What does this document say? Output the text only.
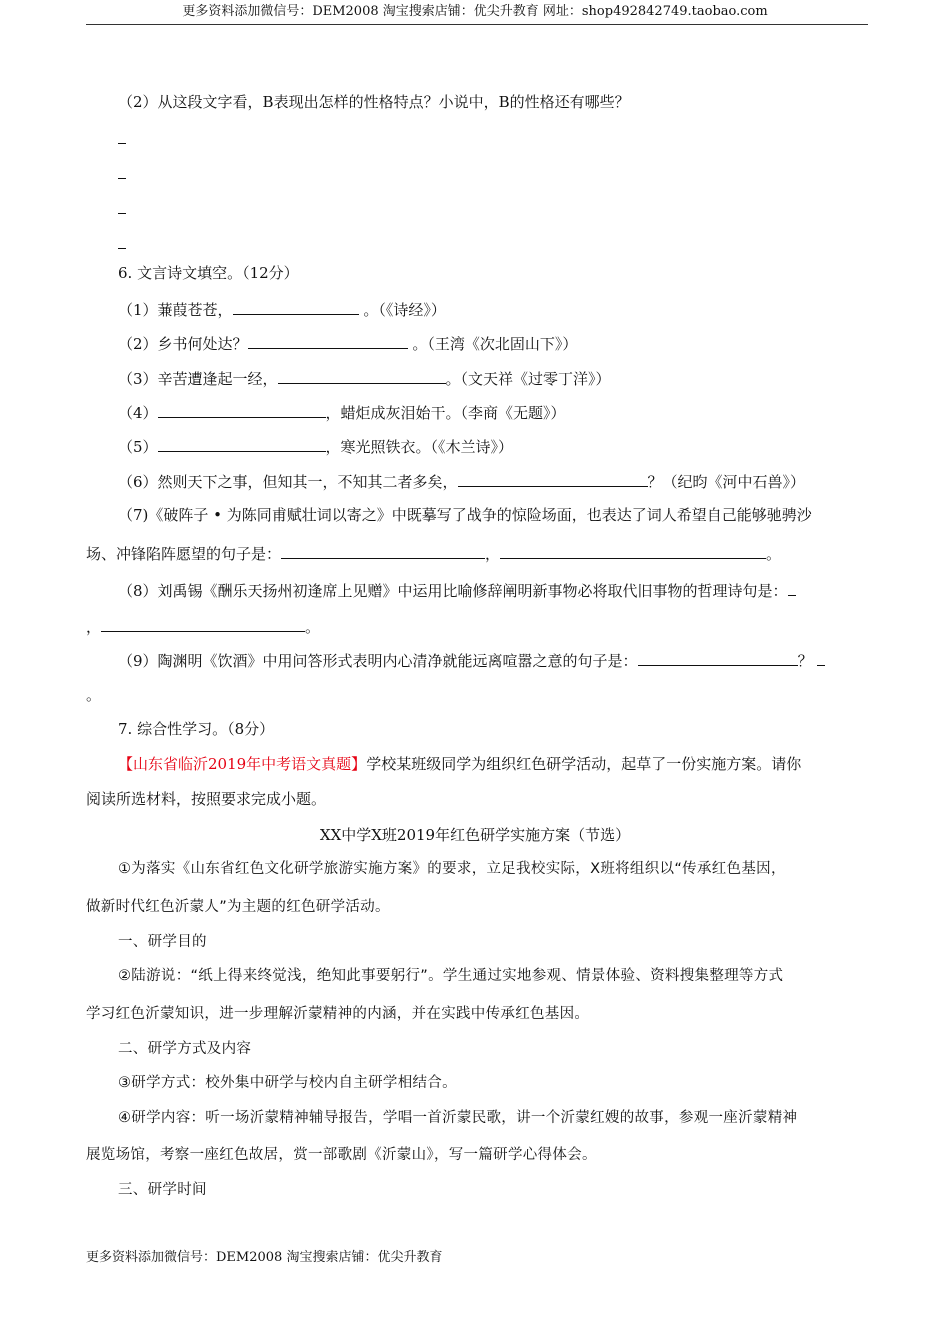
更多资料添加微信号：DEM2008 淘宝搜索店铺：优尖升教育 网址：shop492842749.taobao.com
（2）从这段文字看，B表现出怎样的性格特点？小说中，B的性格还有哪些？
6. 文言诗文填空。（12分）
（1）蒹葭苍苍，	。（《诗经》）
（2）乡书何处达？	。（王湾《次北固山下》）
（3）辛苦遭逢起一经，	。（文天祥《过零丁洋》）
（4）	，蜡炬成灰泪始干。（李商《无题》）
（5）	，寒光照铁衣。（《木兰诗》）
（6）然则天下之事，但知其一，不知其二者多矣，	？（纪昀《河中石兽》）
（7)《破阵子 • 为陈同甫赋壮词以寄之》中既摹写了战争的惊险场面，也表达了词人希望自己能够驰骋沙
场、冲锋陷阵愿望的句子是：	，	。
（8）刘禹锡《酬乐天扬州初逢席上见赠》中运用比喻修辞阐明新事物必将取代旧事物的哲理诗句是：
，	。
（9）陶渊明《饮酒》中用问答形式表明内心清净就能远离喧嚣之意的句子是：	？
。
7. 综合性学习。（8分）
【山东省临沂2019年中考语文真题】学校某班级同学为组织红色研学活动，起草了一份实施方案。请你
阅读所选材料，按照要求完成小题。
XX中学X班2019年红色研学实施方案（节选）
①为落实《山东省红色文化研学旅游实施方案》的要求，立足我校实际，X班将组织以“传承红色基因，
做新时代红色沂蒙人”为主题的红色研学活动。
一、研学目的
②陆游说：“纸上得来终觉浅，绝知此事要躬行”。学生通过实地参观、情景体验、资料搜集整理等方式
学习红色沂蒙知识，进一步理解沂蒙精神的内涵，并在实践中传承红色基因。
二、研学方式及内容
③研学方式：校外集中研学与校内自主研学相结合。
④研学内容：听一场沂蒙精神辅导报告，学唱一首沂蒙民歌，讲一个沂蒙红嫂的故事，参观一座沂蒙精神
展览场馆，考察一座红色故居，赏一部歌剧《沂蒙山》，写一篇研学心得体会。
三、研学时间
更多资料添加微信号：DEM2008 淘宝搜索店铺：优尖升教育
